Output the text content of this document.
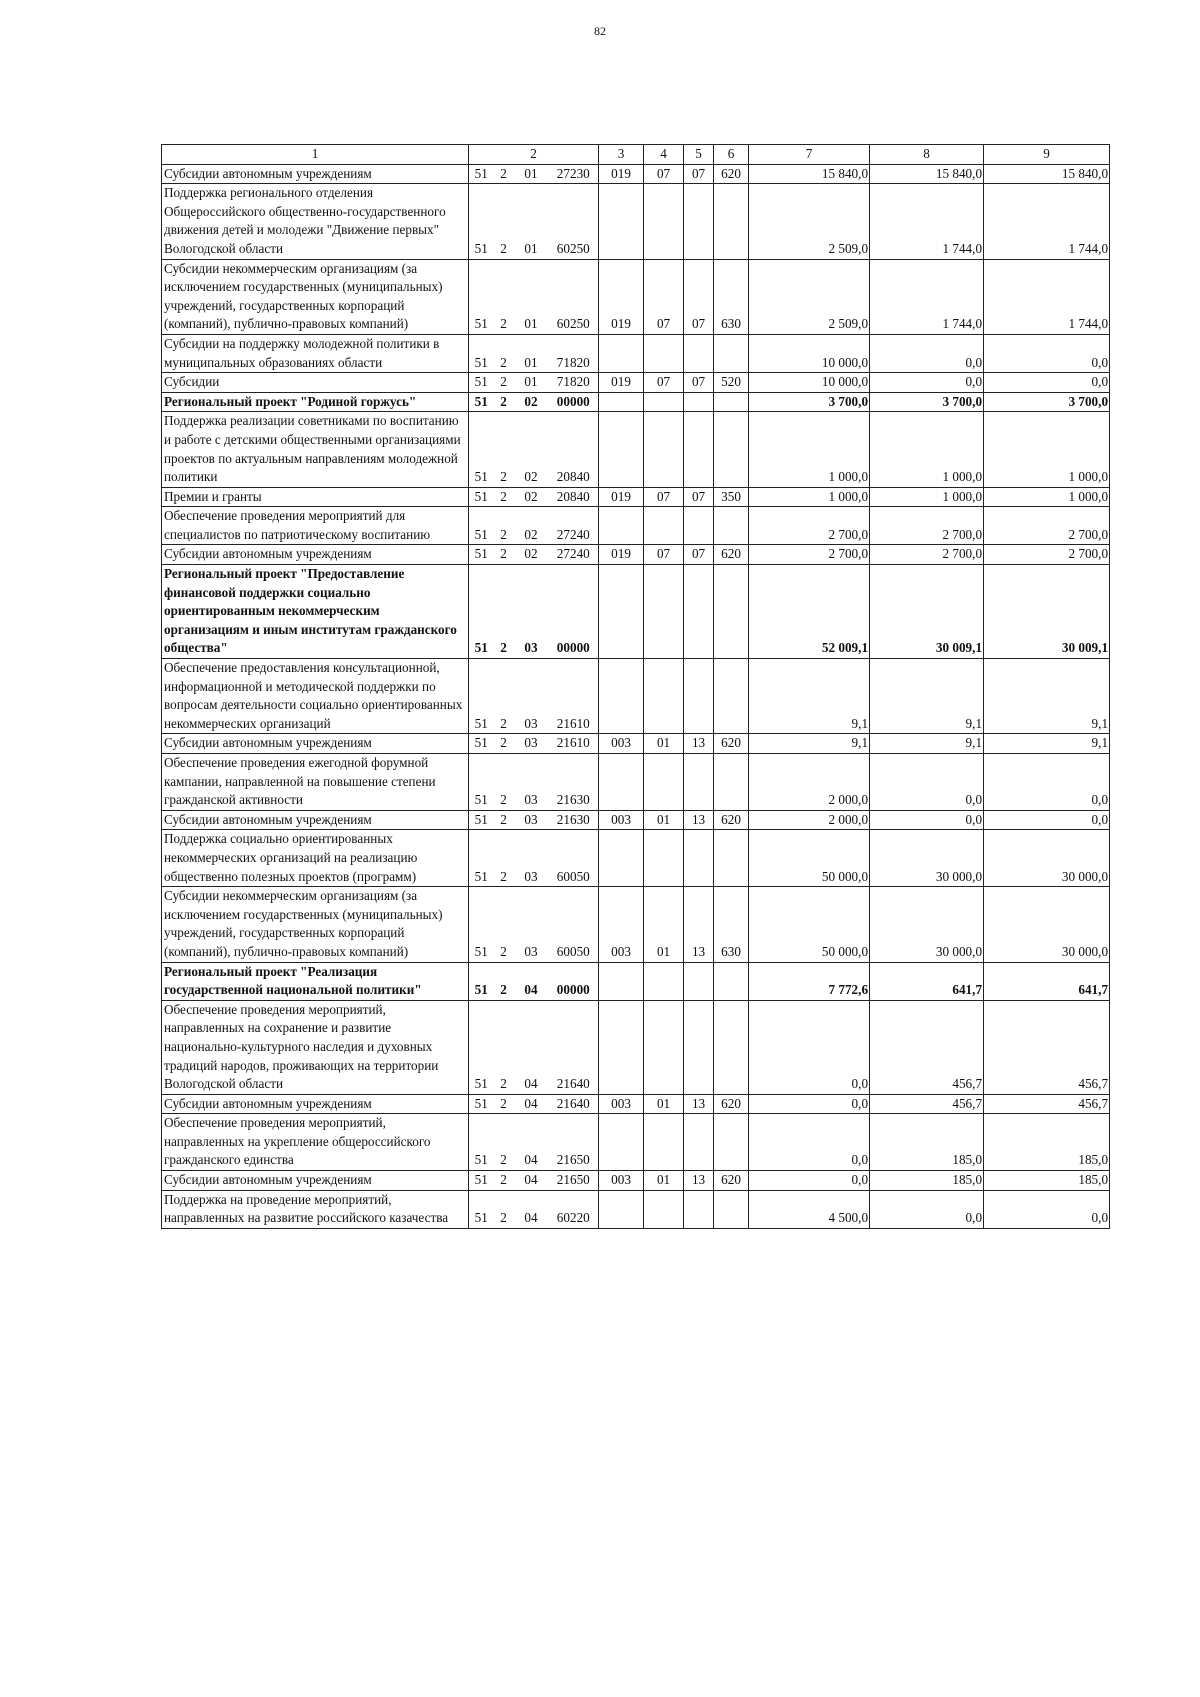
82
1	2				3	4	5	6	7	8	9
Субсидии автономным учреждениям	51	2	01	27230	019	07	07	620	15 840,0	15 840,0	15 840,0
Поддержка регионального отделения Общероссийского общественно-государственного движения детей и молодежи "Движение первых" Вологодской области	51	2	01	60250					2 509,0	1 744,0	1 744,0
Субсидии некоммерческим организациям (за исключением государственных (муниципальных) учреждений, государственных корпораций (компаний), публично-правовых компаний)	51	2	01	60250	019	07	07	630	2 509,0	1 744,0	1 744,0
Субсидии на поддержку молодежной политики в муниципальных образованиях области	51	2	01	71820					10 000,0	0,0	0,0
Субсидии	51	2	01	71820	019	07	07	520	10 000,0	0,0	0,0
Региональный проект "Родиной горжусь"	51	2	02	00000					3 700,0	3 700,0	3 700,0
Поддержка реализации советниками по воспитанию и работе с детскими общественными организациями проектов по актуальным направлениям молодежной политики	51	2	02	20840					1 000,0	1 000,0	1 000,0
Премии и гранты	51	2	02	20840	019	07	07	350	1 000,0	1 000,0	1 000,0
Обеспечение проведения мероприятий для специалистов по патриотическому воспитанию	51	2	02	27240					2 700,0	2 700,0	2 700,0
Субсидии автономным учреждениям	51	2	02	27240	019	07	07	620	2 700,0	2 700,0	2 700,0
Региональный проект "Предоставление финансовой поддержки социально ориентированным некоммерческим организациям и иным институтам гражданского общества"	51	2	03	00000					52 009,1	30 009,1	30 009,1
Обеспечение предоставления консультационной, информационной и методической поддержки по вопросам деятельности социально ориентированных некоммерческих организаций	51	2	03	21610					9,1	9,1	9,1
Субсидии автономным учреждениям	51	2	03	21610	003	01	13	620	9,1	9,1	9,1
Обеспечение проведения ежегодной форумной кампании, направленной на повышение степени гражданской активности	51	2	03	21630					2 000,0	0,0	0,0
Субсидии автономным учреждениям	51	2	03	21630	003	01	13	620	2 000,0	0,0	0,0
Поддержка социально ориентированных некоммерческих организаций на реализацию общественно полезных проектов (программ)	51	2	03	60050					50 000,0	30 000,0	30 000,0
Субсидии некоммерческим организациям (за исключением государственных (муниципальных) учреждений, государственных корпораций (компаний), публично-правовых компаний)	51	2	03	60050	003	01	13	630	50 000,0	30 000,0	30 000,0
Региональный проект "Реализация государственной национальной политики"	51	2	04	00000					7 772,6	641,7	641,7
Обеспечение проведения мероприятий, направленных на сохранение и развитие национально-культурного наследия и духовных традиций народов, проживающих на территории Вологодской области	51	2	04	21640					0,0	456,7	456,7
Субсидии автономным учреждениям	51	2	04	21640	003	01	13	620	0,0	456,7	456,7
Обеспечение проведения мероприятий, направленных на укрепление общероссийского гражданского единства	51	2	04	21650					0,0	185,0	185,0
Субсидии автономным учреждениям	51	2	04	21650	003	01	13	620	0,0	185,0	185,0
Поддержка на проведение мероприятий, направленных на развитие российского казачества	51	2	04	60220					4 500,0	0,0	0,0
